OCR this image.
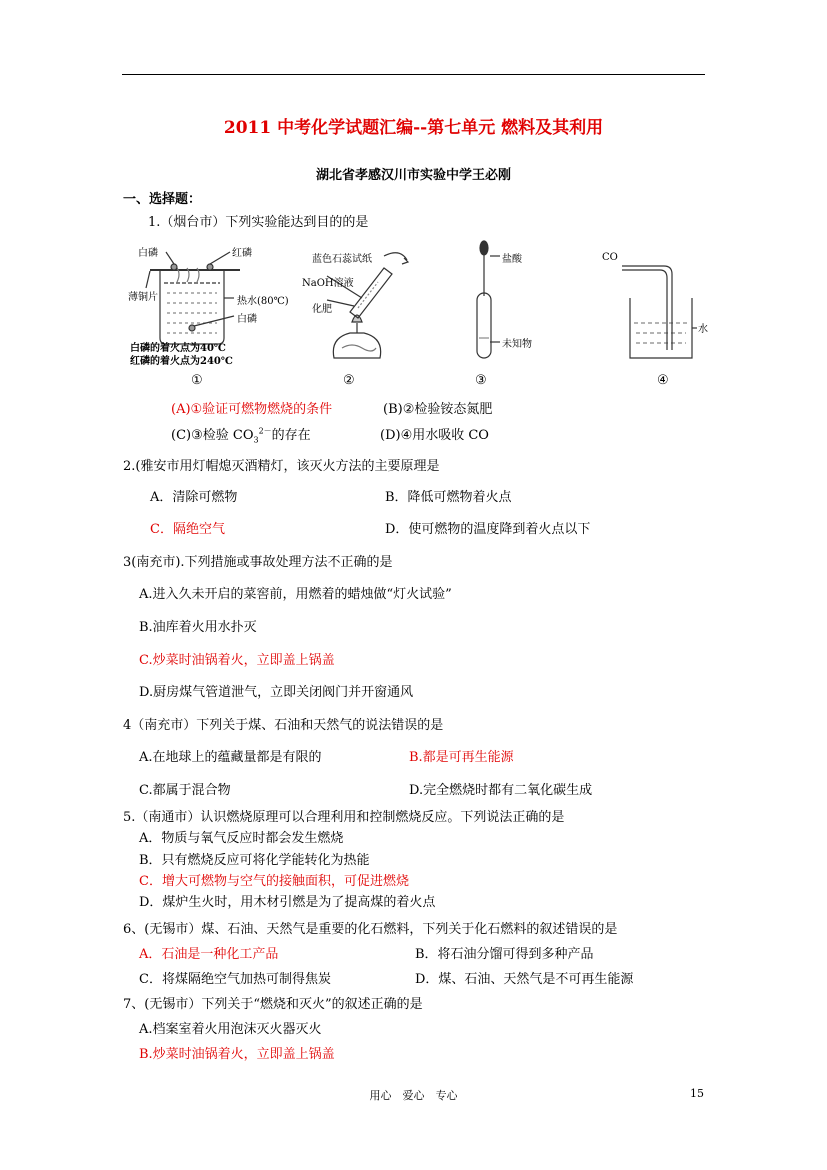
2011 中考化学试题汇编--第七单元 燃料及其利用
湖北省孝感汉川市实验中学王必刚
一、选择题：
1.（烟台市）下列实验能达到目的的是
白磷	红磷
薄铜片	热水(80℃)
白磷
白磷的着火点为40℃
红磷的着火点为240℃
蓝色石蕊试纸
NaOH溶液
化肥
盐酸
未知物
CO
水
①	②	③	④
(A)①验证可燃物燃烧的条件	(B)②检验铵态氮肥
(C)③检验 $CO_3^{2-}$的存在	(D)④用水吸收 CO
2.(雅安市用灯帽熄灭酒精灯，该灭火方法的主要原理是
A．清除可燃物	B．降低可燃物着火点
C．隔绝空气	D．使可燃物的温度降到着火点以下
3(南充市).下列措施或事故处理方法不正确的是
A.进入久未开启的菜窖前，用燃着的蜡烛做“灯火试验”
B.油库着火用水扑灭
C.炒菜时油锅着火，立即盖上锅盖
D.厨房煤气管道泄气，立即关闭阀门并开窗通风
4（南充市）下列关于煤、石油和天然气的说法错误的是
A.在地球上的蕴藏量都是有限的	B.都是可再生能源
C.都属于混合物	D.完全燃烧时都有二氧化碳生成
5.（南通市）认识燃烧原理可以合理利用和控制燃烧反应。下列说法正确的是
A．物质与氧气反应时都会发生燃烧
B．只有燃烧反应可将化学能转化为热能
C．增大可燃物与空气的接触面积，可促进燃烧
D．煤炉生火时，用木材引燃是为了提高煤的着火点
6、(无锡市）煤、石油、天然气是重要的化石燃料，下列关于化石燃料的叙述错误的是
A．石油是一种化工产品	B．将石油分馏可得到多种产品
C．将煤隔绝空气加热可制得焦炭	D．煤、石油、天然气是不可再生能源
7、(无锡市）下列关于“燃烧和灭火”的叙述正确的是
A.档案室着火用泡沫灭火器灭火
B.炒菜时油锅着火，立即盖上锅盖
用心　爱心　专心	15
